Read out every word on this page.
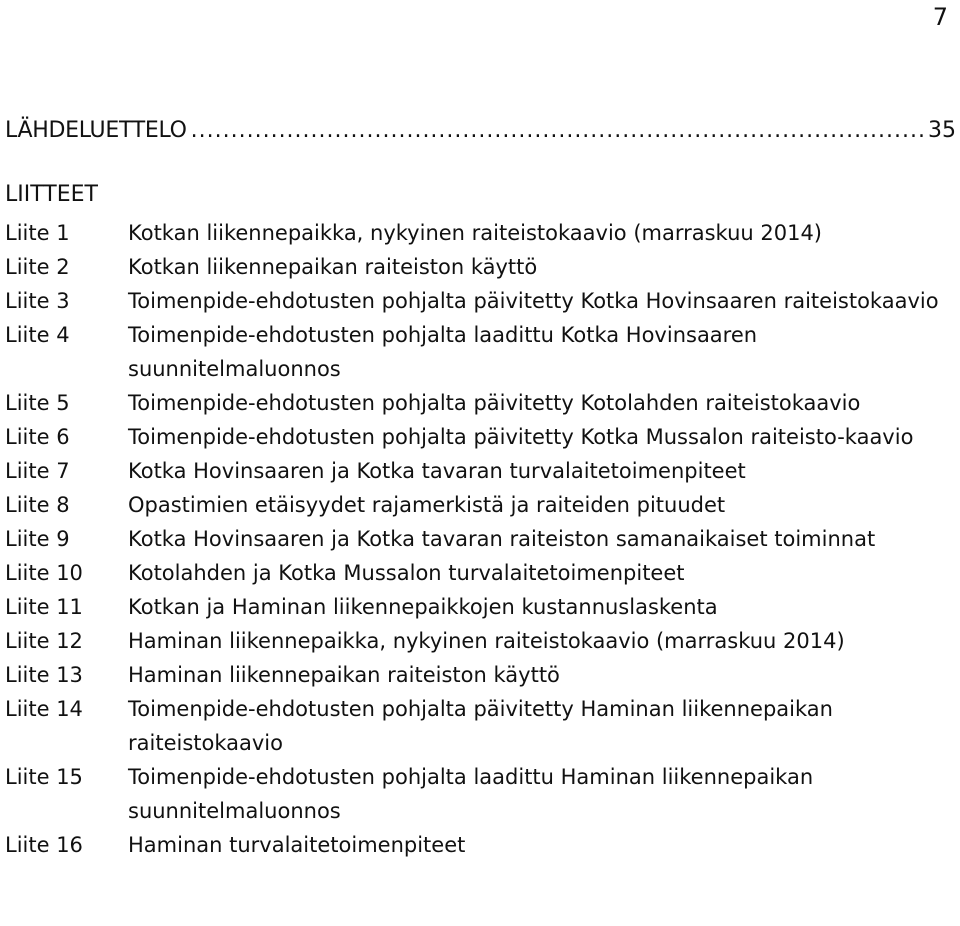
7
LÄHDELUETTELO
.....	35
LIITTEET
Liite 1	Kotkan liikennepaikka, nykyinen raiteistokaavio (marraskuu 2014)
Liite 2	Kotkan liikennepaikan raiteiston käyttö
Liite 3	Toimenpide-ehdotusten pohjalta päivitetty Kotka Hovinsaaren raiteistokaavio
Liite 4	Toimenpide-ehdotusten pohjalta laadittu Kotka Hovinsaaren suunnitelmaluonnos
Liite 5	Toimenpide-ehdotusten pohjalta päivitetty Kotolahden raiteistokaavio
Liite 6	Toimenpide-ehdotusten pohjalta päivitetty Kotka Mussalon raiteisto-kaavio
Liite 7	Kotka Hovinsaaren ja Kotka tavaran turvalaitetoimenpiteet
Liite 8	Opastimien etäisyydet rajamerkistä ja raiteiden pituudet
Liite 9	Kotka Hovinsaaren ja Kotka tavaran raiteiston samanaikaiset toiminnat
Liite 10	Kotolahden ja Kotka Mussalon turvalaitetoimenpiteet
Liite 11	Kotkan ja Haminan liikennepaikkojen kustannuslaskenta
Liite 12	Haminan liikennepaikka, nykyinen raiteistokaavio (marraskuu 2014)
Liite 13	Haminan liikennepaikan raiteiston käyttö
Liite 14	Toimenpide-ehdotusten pohjalta päivitetty Haminan liikennepaikan raiteistokaavio
Liite 15	Toimenpide-ehdotusten pohjalta laadittu Haminan liikennepaikan suunnitelmaluonnos
Liite 16	Haminan turvalaitetoimenpiteet
